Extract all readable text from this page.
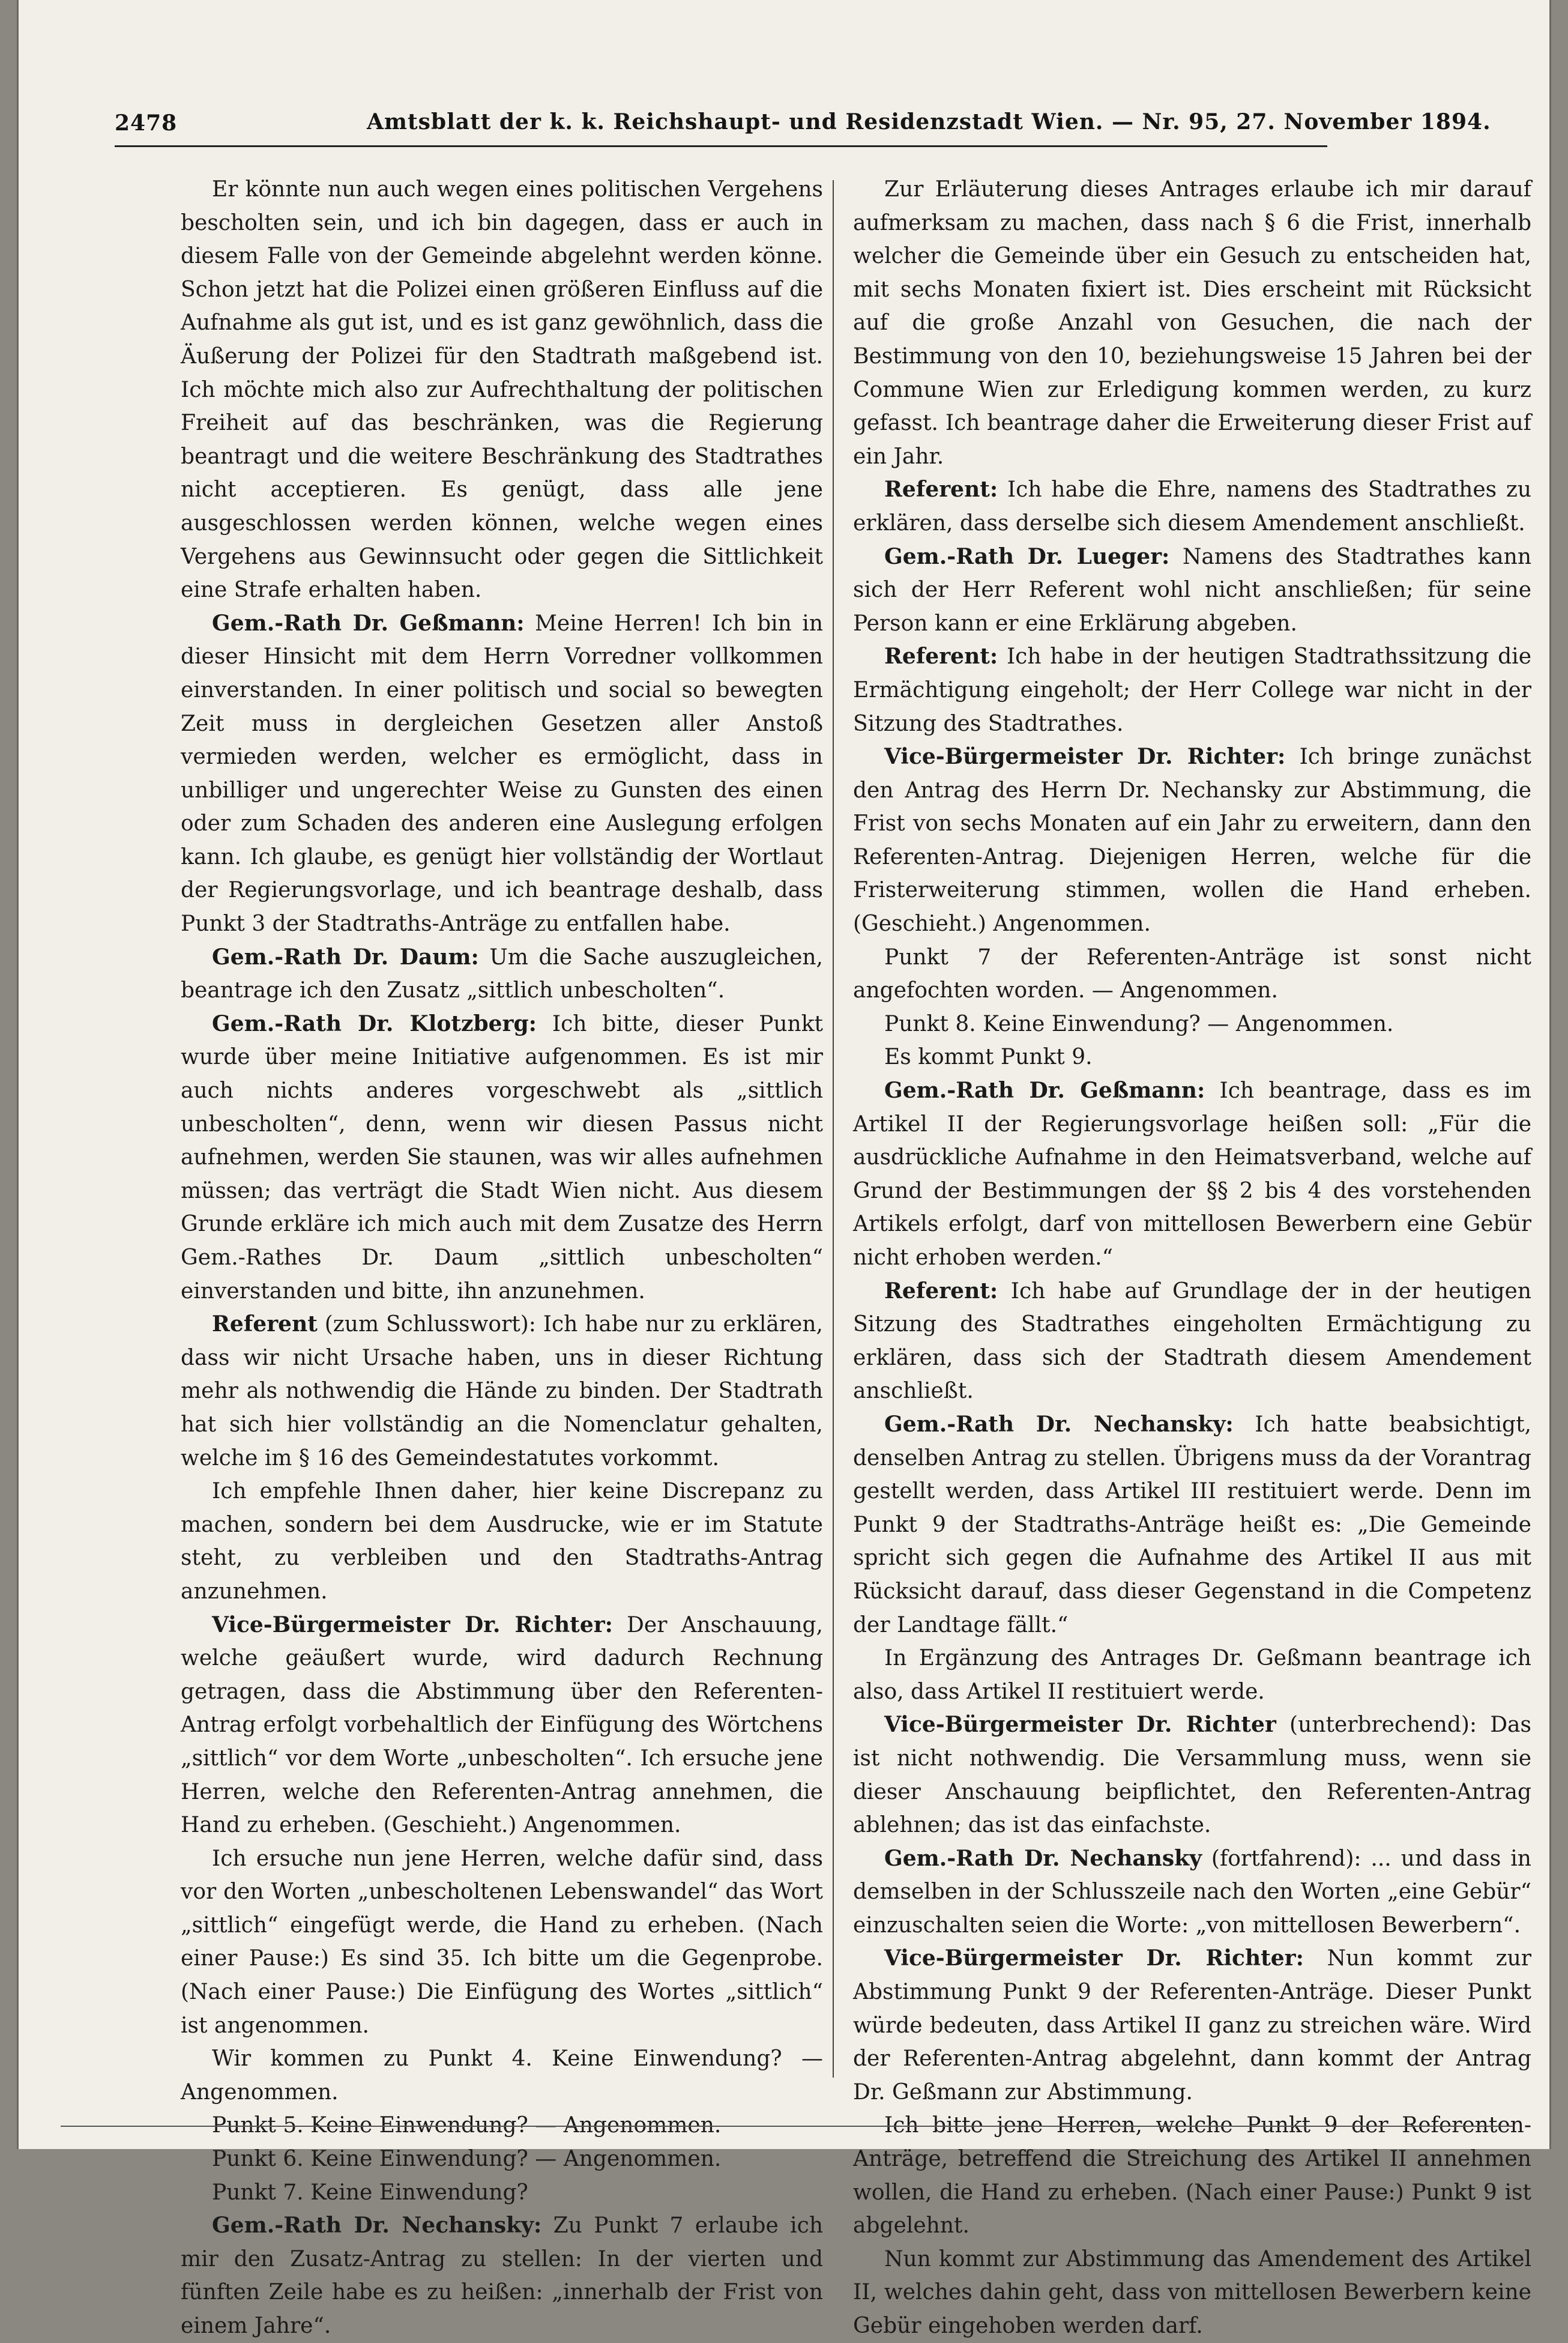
2478	Amtsblatt der k. k. Reichshaupt- und Residenzstadt Wien. — Nr. 95, 27. November 1894.

Er könnte nun auch wegen eines politischen Vergehens bescholten sein, und ich bin dagegen, dass er auch in diesem Falle von der Gemeinde abgelehnt werden könne. Schon jetzt hat die Polizei einen größeren Einfluss auf die Aufnahme als gut ist, und es ist ganz gewöhnlich, dass die Äußerung der Polizei für den Stadtrath maßgebend ist. Ich möchte mich also zur Aufrechthaltung der politischen Freiheit auf das beschränken, was die Regierung beantragt und die weitere Beschränkung des Stadtrathes nicht acceptieren. Es genügt, dass alle jene ausgeschlossen werden können, welche wegen eines Vergehens aus Gewinnsucht oder gegen die Sittlichkeit eine Strafe erhalten haben.

Gem.-Rath Dr. Geßmann: Meine Herren! Ich bin in dieser Hinsicht mit dem Herrn Vorredner vollkommen einverstanden. In einer politisch und social so bewegten Zeit muss in dergleichen Gesetzen aller Anstoß vermieden werden, welcher es ermöglicht, dass in unbilliger und ungerechter Weise zu Gunsten des einen oder zum Schaden des anderen eine Auslegung erfolgen kann. Ich glaube, es genügt hier vollständig der Wortlaut der Regierungsvorlage, und ich beantrage deshalb, dass Punkt 3 der Stadtraths-Anträge zu entfallen habe.

Gem.-Rath Dr. Daum: Um die Sache auszugleichen, beantrage ich den Zusatz „sittlich unbescholten“.

Gem.-Rath Dr. Klotzberg: Ich bitte, dieser Punkt wurde über meine Initiative aufgenommen. Es ist mir auch nichts anderes vorgeschwebt als „sittlich unbescholten“, denn, wenn wir diesen Passus nicht aufnehmen, werden Sie staunen, was wir alles aufnehmen müssen; das verträgt die Stadt Wien nicht. Aus diesem Grunde erkläre ich mich auch mit dem Zusatze des Herrn Gem.-Rathes Dr. Daum „sittlich unbescholten“ einverstanden und bitte, ihn anzunehmen.

Referent (zum Schlusswort): Ich habe nur zu erklären, dass wir nicht Ursache haben, uns in dieser Richtung mehr als nothwendig die Hände zu binden. Der Stadtrath hat sich hier vollständig an die Nomenclatur gehalten, welche im § 16 des Gemeindestatutes vorkommt.

Ich empfehle Ihnen daher, hier keine Discrepanz zu machen, sondern bei dem Ausdrucke, wie er im Statute steht, zu verbleiben und den Stadtraths-Antrag anzunehmen.

Vice-Bürgermeister Dr. Richter: Der Anschauung, welche geäußert wurde, wird dadurch Rechnung getragen, dass die Abstimmung über den Referenten-Antrag erfolgt vorbehaltlich der Einfügung des Wörtchens „sittlich“ vor dem Worte „unbescholten“. Ich ersuche jene Herren, welche den Referenten-Antrag annehmen, die Hand zu erheben. (Geschieht.) Angenommen.

Ich ersuche nun jene Herren, welche dafür sind, dass vor den Worten „unbescholtenen Lebenswandel“ das Wort „sittlich“ eingefügt werde, die Hand zu erheben. (Nach einer Pause:) Es sind 35. Ich bitte um die Gegenprobe. (Nach einer Pause:) Die Einfügung des Wortes „sittlich“ ist angenommen.

Wir kommen zu Punkt 4. Keine Einwendung? — Angenommen.

Punkt 5. Keine Einwendung? — Angenommen.

Punkt 6. Keine Einwendung? — Angenommen.

Punkt 7. Keine Einwendung?

Gem.-Rath Dr. Nechansky: Zu Punkt 7 erlaube ich mir den Zusatz-Antrag zu stellen: In der vierten und fünften Zeile habe es zu heißen: „innerhalb der Frist von einem Jahre“.

Zur Erläuterung dieses Antrages erlaube ich mir darauf aufmerksam zu machen, dass nach § 6 die Frist, innerhalb welcher die Gemeinde über ein Gesuch zu entscheiden hat, mit sechs Monaten fixiert ist. Dies erscheint mit Rücksicht auf die große Anzahl von Gesuchen, die nach der Bestimmung von den 10, beziehungsweise 15 Jahren bei der Commune Wien zur Erledigung kommen werden, zu kurz gefasst. Ich beantrage daher die Erweiterung dieser Frist auf ein Jahr.

Referent: Ich habe die Ehre, namens des Stadtrathes zu erklären, dass derselbe sich diesem Amendement anschließt.

Gem.-Rath Dr. Lueger: Namens des Stadtrathes kann sich der Herr Referent wohl nicht anschließen; für seine Person kann er eine Erklärung abgeben.

Referent: Ich habe in der heutigen Stadtrathssitzung die Ermächtigung eingeholt; der Herr College war nicht in der Sitzung des Stadtrathes.

Vice-Bürgermeister Dr. Richter: Ich bringe zunächst den Antrag des Herrn Dr. Nechansky zur Abstimmung, die Frist von sechs Monaten auf ein Jahr zu erweitern, dann den Referenten-Antrag. Diejenigen Herren, welche für die Fristerweiterung stimmen, wollen die Hand erheben. (Geschieht.) Angenommen.

Punkt 7 der Referenten-Anträge ist sonst nicht angefochten worden. — Angenommen.

Punkt 8. Keine Einwendung? — Angenommen.

Es kommt Punkt 9.

Gem.-Rath Dr. Geßmann: Ich beantrage, dass es im Artikel II der Regierungsvorlage heißen soll: „Für die ausdrückliche Aufnahme in den Heimatsverband, welche auf Grund der Bestimmungen der §§ 2 bis 4 des vorstehenden Artikels erfolgt, darf von mittellosen Bewerbern eine Gebür nicht erhoben werden.“

Referent: Ich habe auf Grundlage der in der heutigen Sitzung des Stadtrathes eingeholten Ermächtigung zu erklären, dass sich der Stadtrath diesem Amendement anschließt.

Gem.-Rath Dr. Nechansky: Ich hatte beabsichtigt, denselben Antrag zu stellen. Übrigens muss da der Vorantrag gestellt werden, dass Artikel III restituiert werde. Denn im Punkt 9 der Stadtraths-Anträge heißt es: „Die Gemeinde spricht sich gegen die Aufnahme des Artikel II aus mit Rücksicht darauf, dass dieser Gegenstand in die Competenz der Landtage fällt.“

In Ergänzung des Antrages Dr. Geßmann beantrage ich also, dass Artikel II restituiert werde.

Vice-Bürgermeister Dr. Richter (unterbrechend): Das ist nicht nothwendig. Die Versammlung muss, wenn sie dieser Anschauung beipflichtet, den Referenten-Antrag ablehnen; das ist das einfachste.

Gem.-Rath Dr. Nechansky (fortfahrend): ... und dass in demselben in der Schlusszeile nach den Worten „eine Gebür“ einzuschalten seien die Worte: „von mittellosen Bewerbern“.

Vice-Bürgermeister Dr. Richter: Nun kommt zur Abstimmung Punkt 9 der Referenten-Anträge. Dieser Punkt würde bedeuten, dass Artikel II ganz zu streichen wäre. Wird der Referenten-Antrag abgelehnt, dann kommt der Antrag Dr. Geßmann zur Abstimmung.

Ich bitte jene Herren, welche Punkt 9 der Referenten-Anträge, betreffend die Streichung des Artikel II annehmen wollen, die Hand zu erheben. (Nach einer Pause:) Punkt 9 ist abgelehnt.

Nun kommt zur Abstimmung das Amendement des Artikel II, welches dahin geht, dass von mittellosen Bewerbern keine Gebür eingehoben werden darf.
